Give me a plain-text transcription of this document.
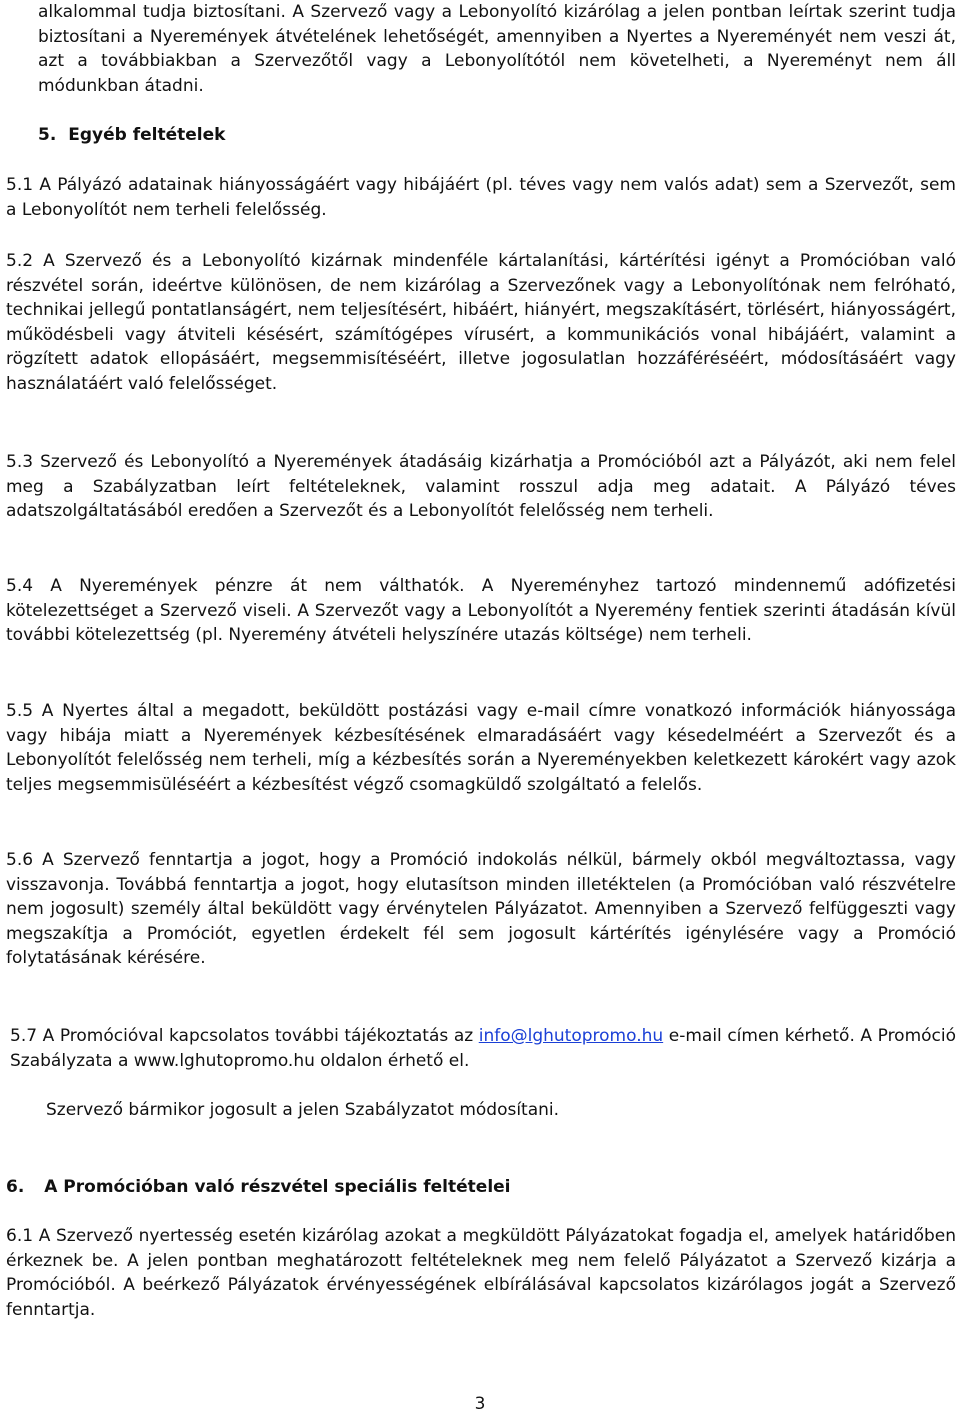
alkalommal tudja biztosítani. A Szervező vagy a Lebonyolító kizárólag a jelen pontban leírtak szerint tudja biztosítani a Nyeremények átvételének lehetőségét, amennyiben a Nyertes a Nyereményét nem veszi át, azt a továbbiakban a Szervezőtől vagy a Lebonyolítótól nem követelheti, a Nyereményt nem áll módunkban átadni.

5. Egyéb feltételek

5.1 A Pályázó adatainak hiányosságáért vagy hibájáért (pl. téves vagy nem valós adat) sem a Szervezőt, sem a Lebonyolítót nem terheli felelősség.

5.2 A Szervező és a Lebonyolító kizárnak mindenféle kártalanítási, kártérítési igényt a Promócióban való részvétel során, ideértve különösen, de nem kizárólag a Szervezőnek vagy a Lebonyolítónak nem felróható, technikai jellegű pontatlanságért, nem teljesítésért, hibáért, hiányért, megszakításért, törlésért, hiányosságért, működésbeli vagy átviteli késésért, számítógépes vírusért, a kommunikációs vonal hibájáért, valamint a rögzített adatok ellopásáért, megsemmisítéséért, illetve jogosulatlan hozzáféréséért, módosításáért vagy használatáért való felelősséget.

5.3 Szervező és Lebonyolító a Nyeremények átadásáig kizárhatja a Promócióból azt a Pályázót, aki nem felel meg a Szabályzatban leírt feltételeknek, valamint rosszul adja meg adatait. A Pályázó téves adatszolgáltatásából eredően a Szervezőt és a Lebonyolítót felelősség nem terheli.

5.4 A Nyeremények pénzre át nem válthatók. A Nyereményhez tartozó mindennemű adófizetési kötelezettséget a Szervező viseli. A Szervezőt vagy a Lebonyolítót a Nyeremény fentiek szerinti átadásán kívül további kötelezettség (pl. Nyeremény átvételi helyszínére utazás költsége) nem terheli.

5.5 A Nyertes által a megadott, beküldött postázási vagy e-mail címre vonatkozó információk hiányossága vagy hibája miatt a Nyeremények kézbesítésének elmaradásáért vagy késedelméért a Szervezőt és a Lebonyolítót felelősség nem terheli, míg a kézbesítés során a Nyereményekben keletkezett károkért vagy azok teljes megsemmisüléséért a kézbesítést végző csomagküldő szolgáltató a felelős.

5.6 A Szervező fenntartja a jogot, hogy a Promóció indokolás nélkül, bármely okból megváltoztassa, vagy visszavonja. Továbbá fenntartja a jogot, hogy elutasítson minden illetéktelen (a Promócióban való részvételre nem jogosult) személy által beküldött vagy érvénytelen Pályázatot. Amennyiben a Szervező felfüggeszti vagy megszakítja a Promóciót, egyetlen érdekelt fél sem jogosult kártérítés igénylésére vagy a Promóció folytatásának kérésére.

5.7 A Promócióval kapcsolatos további tájékoztatás az info@lghutopromo.hu e-mail címen kérhető. A Promóció Szabályzata a www.lghutopromo.hu oldalon érhető el.

Szervező bármikor jogosult a jelen Szabályzatot módosítani.

6. A Promócióban való részvétel speciális feltételei

6.1 A Szervező nyertesség esetén kizárólag azokat a megküldött Pályázatokat fogadja el, amelyek határidőben érkeznek be. A jelen pontban meghatározott feltételeknek meg nem felelő Pályázatot a Szervező kizárja a Promócióból. A beérkező Pályázatok érvényességének elbírálásával kapcsolatos kizárólagos jogát a Szervező fenntartja.

3
